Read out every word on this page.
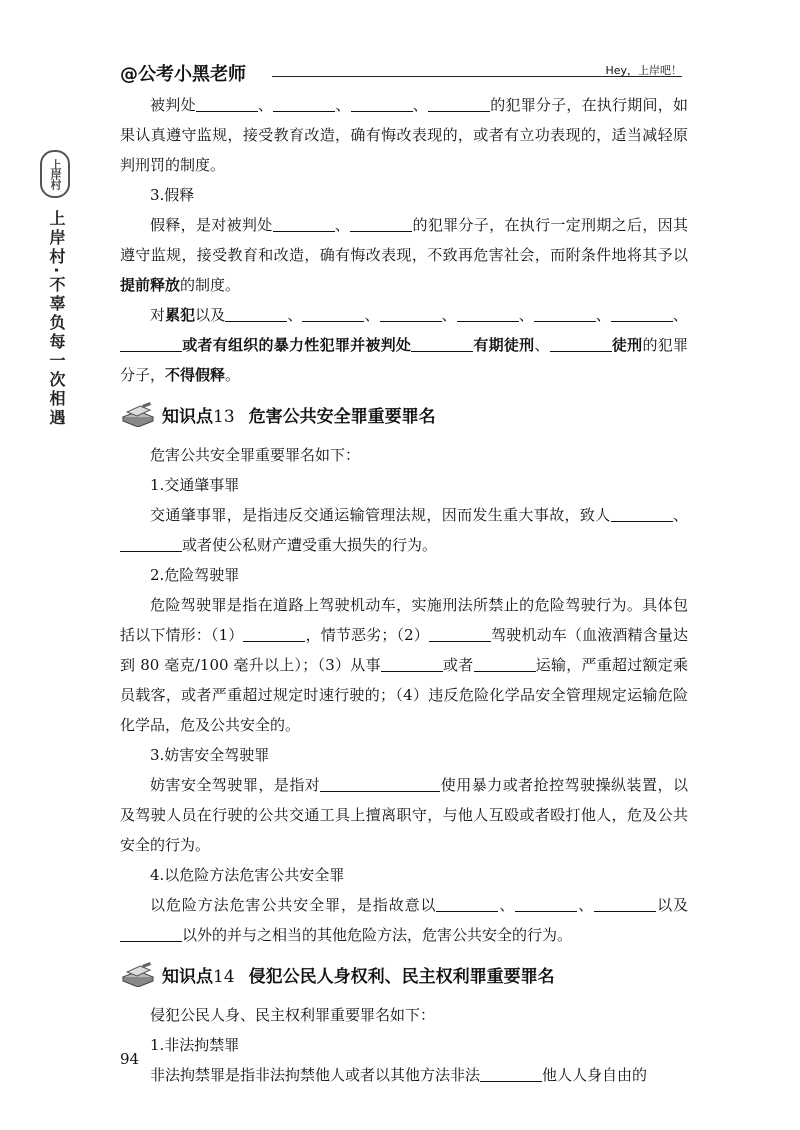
@公考小黑老师	Hey，上岸吧！
上岸村
上岸村·不辜负每一次相遇

被判处	、	、	、	的犯罪分子，在执行期间，如果认真遵守监规，接受教育改造，确有悔改表现的，或者有立功表现的，适当减轻原判刑罚的制度。

3.假释

假释，是对被判处	、	的犯罪分子，在执行一定刑期之后，因其遵守监规，接受教育和改造，确有悔改表现，不致再危害社会，而附条件地将其予以提前释放的制度。

对累犯以及	、	、	、	、	、	、或者有组织的暴力性犯罪并被判处	有期徒刑、	徒刑的犯罪分子，不得假释。

知识点13 危害公共安全罪重要罪名

危害公共安全罪重要罪名如下：

1.交通肇事罪

交通肇事罪，是指违反交通运输管理法规，因而发生重大事故，致人	、或者使公私财产遭受重大损失的行为。

2.危险驾驶罪

危险驾驶罪是指在道路上驾驶机动车，实施刑法所禁止的危险驾驶行为。具体包括以下情形：（1）	，情节恶劣；（2）	驾驶机动车（血液酒精含量达到 80 毫克/100 毫升以上）；（3）从事	或者	运输，严重超过额定乘员载客，或者严重超过规定时速行驶的；（4）违反危险化学品安全管理规定运输危险化学品，危及公共安全的。

3.妨害安全驾驶罪

妨害安全驾驶罪，是指对	使用暴力或者抢控驾驶操纵装置，以及驾驶人员在行驶的公共交通工具上擅离职守，与他人互殴或者殴打他人，危及公共安全的行为。

4.以危险方法危害公共安全罪

以危险方法危害公共安全罪，是指故意以	、	、	以及以外的并与之相当的其他危险方法，危害公共安全的行为。

知识点14 侵犯公民人身权利、民主权利罪重要罪名

侵犯公民人身、民主权利罪重要罪名如下：

1.非法拘禁罪

非法拘禁罪是指非法拘禁他人或者以其他方法非法	他人人身自由的

94
